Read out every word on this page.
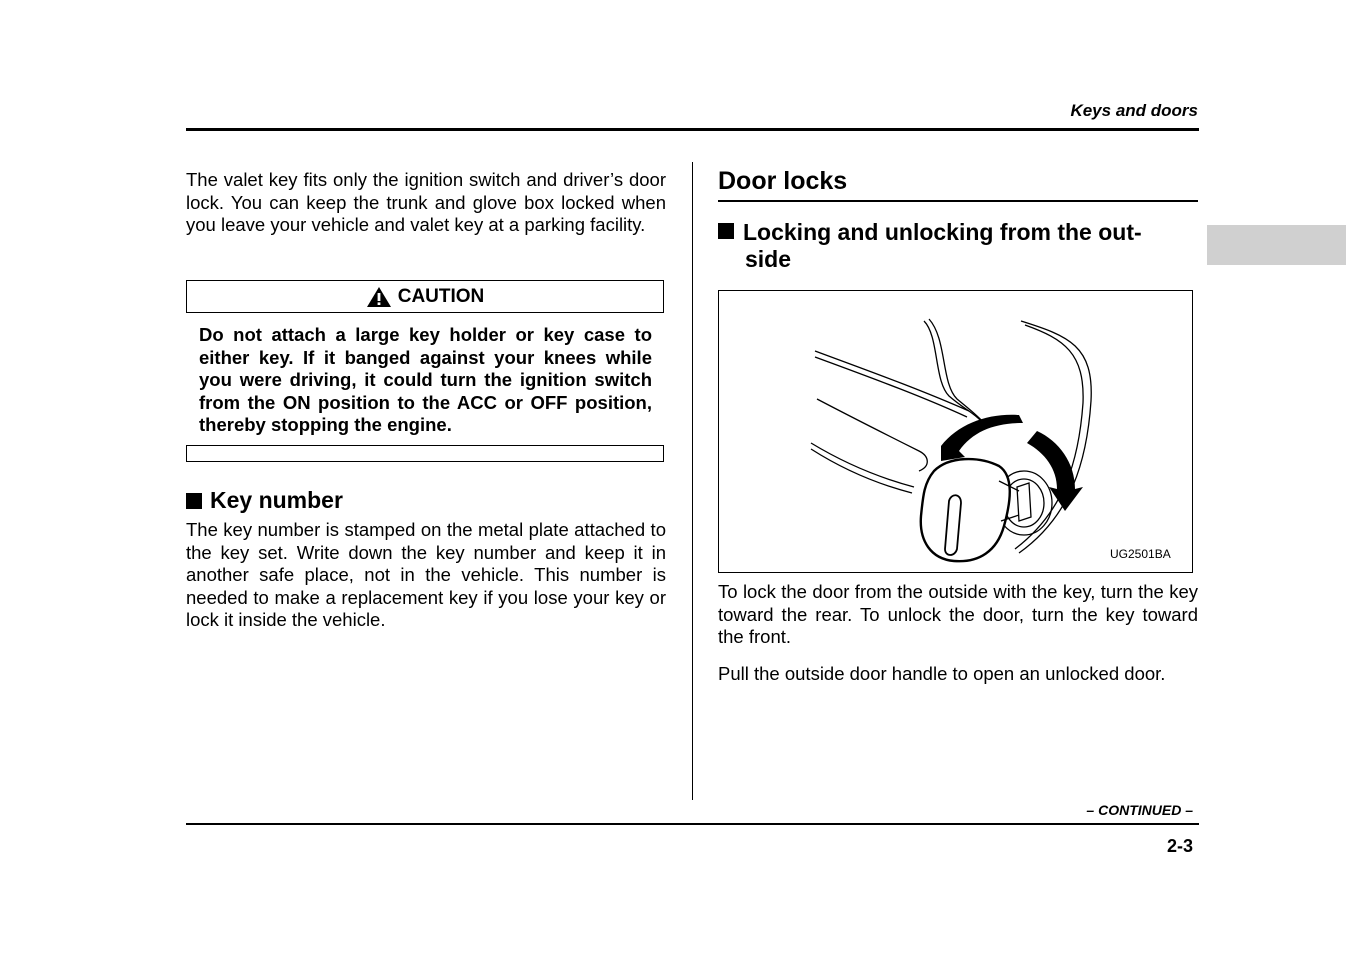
Keys and doors
The valet key fits only the ignition switch and driver’s door lock. You can keep the trunk and glove box locked when you leave your vehicle and valet key at a parking facility.
CAUTION
Do not attach a large key holder or key case to either key. If it banged against your knees while you were driving, it could turn the ignition switch from the ON position to the ACC or OFF position, thereby stopping the engine.
Key number
The key number is stamped on the metal plate attached to the key set. Write down the key number and keep it in another safe place, not in the vehicle. This number is needed to make a replacement key if you lose your key or lock it inside the vehicle.
Door locks
Locking and unlocking from the out-
side
UG2501BA
To lock the door from the outside with the key, turn the key toward the rear. To unlock the door, turn the key toward the front.
Pull the outside door handle to open an unlocked door.
– CONTINUED –
2-3
